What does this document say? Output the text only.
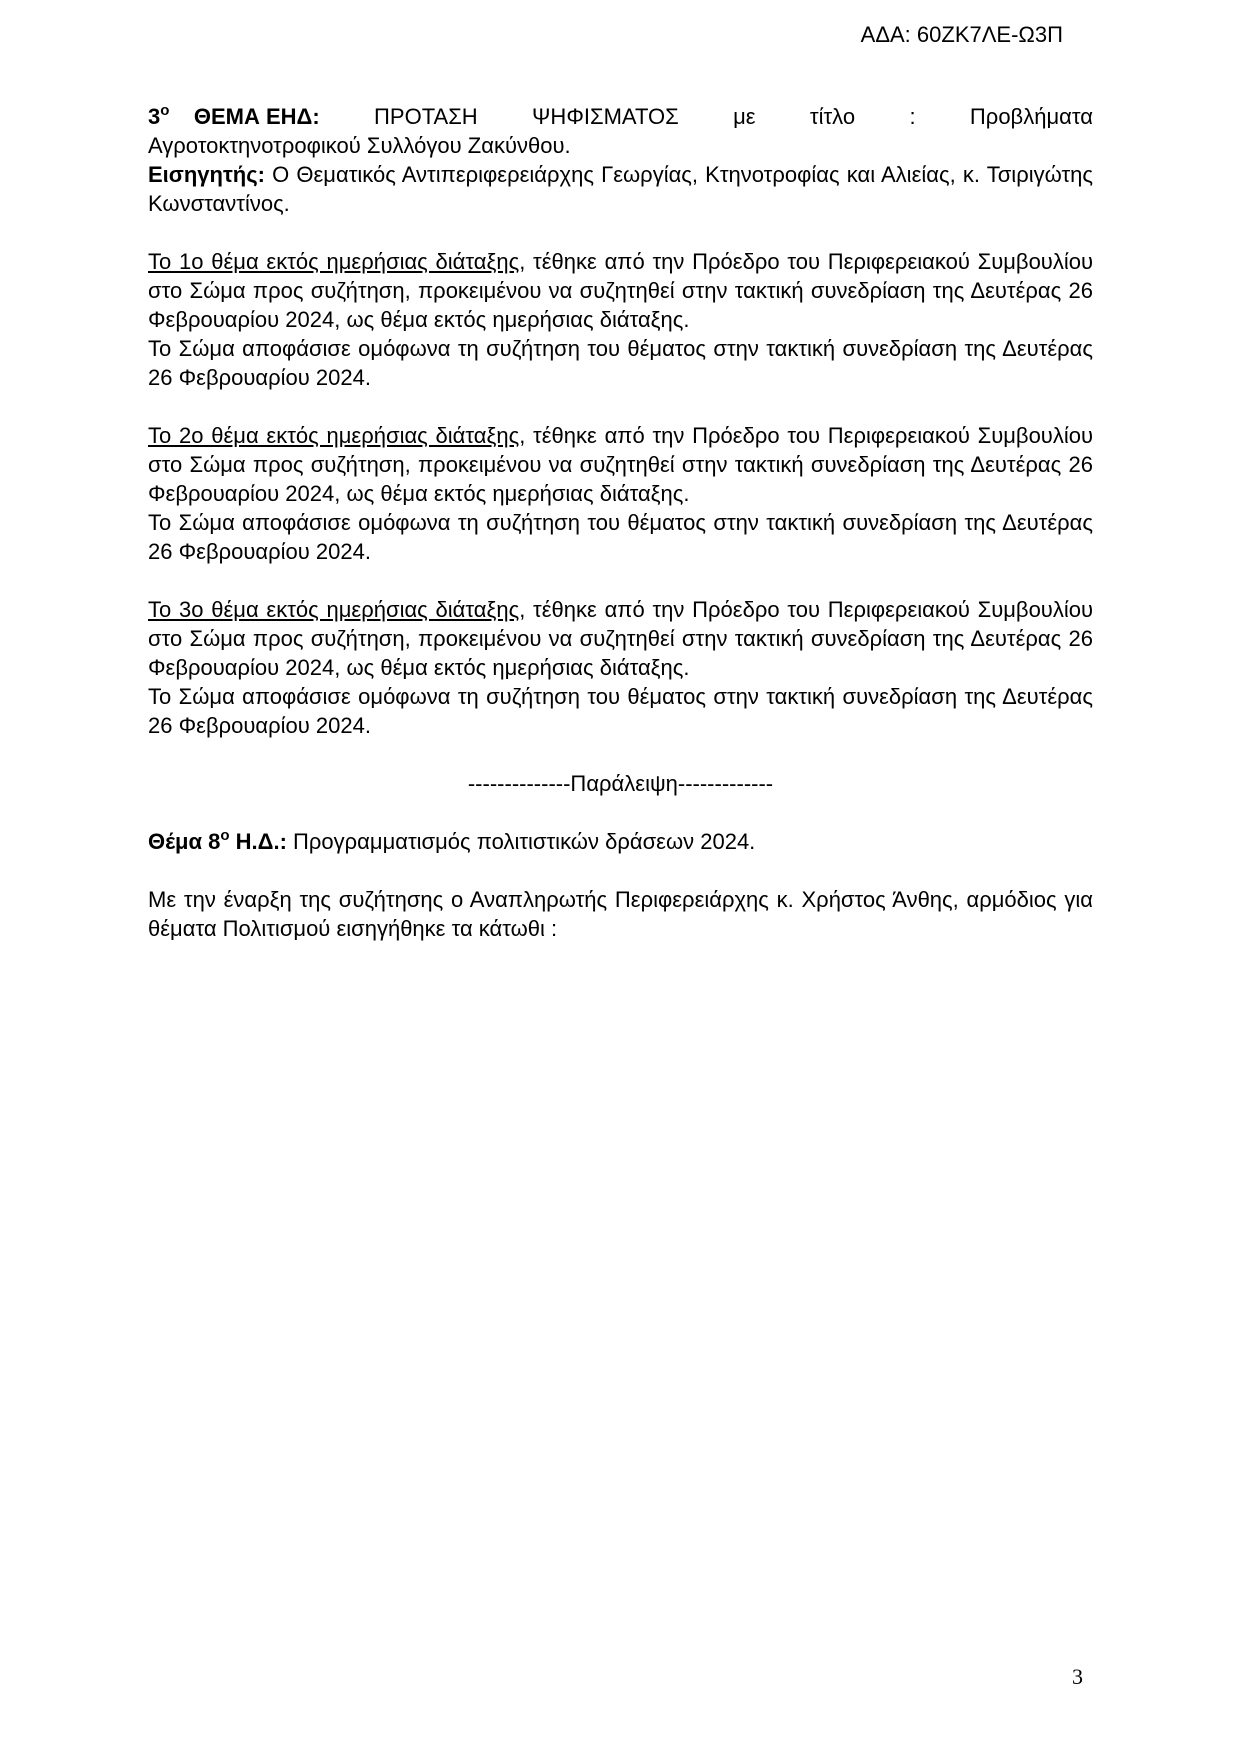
ΑΔΑ: 60ΖΚ7ΛΕ-Ω3Π
$3^o$ ΘΕΜΑ ΕΗΔ: ΠΡΟΤΑΣΗ ΨΗΦΙΣΜΑΤΟΣ με τίτλο : Προβλήματα

Αγροτοκτηνοτροφικού Συλλόγου Ζακύνθου.

Εισηγητής: Ο Θεματικός Αντιπεριφερειάρχης Γεωργίας, Κτηνοτροφίας και Αλιείας, κ. Τσιριγώτης Κωνσταντίνος.

Το 1ο θέμα εκτός ημερήσιας διάταξης, τέθηκε από την Πρόεδρο του Περιφερειακού Συμβουλίου στο Σώμα προς συζήτηση, προκειμένου να συζητηθεί στην τακτική συνεδρίαση της Δευτέρας 26 Φεβρουαρίου 2024, ως θέμα εκτός ημερήσιας διάταξης.

Το Σώμα αποφάσισε ομόφωνα τη συζήτηση του θέματος στην τακτική συνεδρίαση της Δευτέρας 26 Φεβρουαρίου 2024.

Το 2ο θέμα εκτός ημερήσιας διάταξης, τέθηκε από την Πρόεδρο του Περιφερειακού Συμβουλίου στο Σώμα προς συζήτηση, προκειμένου να συζητηθεί στην τακτική συνεδρίαση της Δευτέρας 26 Φεβρουαρίου 2024, ως θέμα εκτός ημερήσιας διάταξης.

Το Σώμα αποφάσισε ομόφωνα τη συζήτηση του θέματος στην τακτική συνεδρίαση της Δευτέρας 26 Φεβρουαρίου 2024.

Το 3ο θέμα εκτός ημερήσιας διάταξης, τέθηκε από την Πρόεδρο του Περιφερειακού Συμβουλίου στο Σώμα προς συζήτηση, προκειμένου να συζητηθεί στην τακτική συνεδρίαση της Δευτέρας 26 Φεβρουαρίου 2024, ως θέμα εκτός ημερήσιας διάταξης.

Το Σώμα αποφάσισε ομόφωνα τη συζήτηση του θέματος στην τακτική συνεδρίαση της Δευτέρας 26 Φεβρουαρίου 2024.

--------------Παράλειψη-------------

Θέμα $8^o$ Η.Δ.: Προγραμματισμός πολιτιστικών δράσεων 2024.

Με την έναρξη της συζήτησης ο Αναπληρωτής Περιφερειάρχης κ. Χρήστος Άνθης, αρμόδιος για θέματα Πολιτισμού εισηγήθηκε τα κάτωθι :

3
